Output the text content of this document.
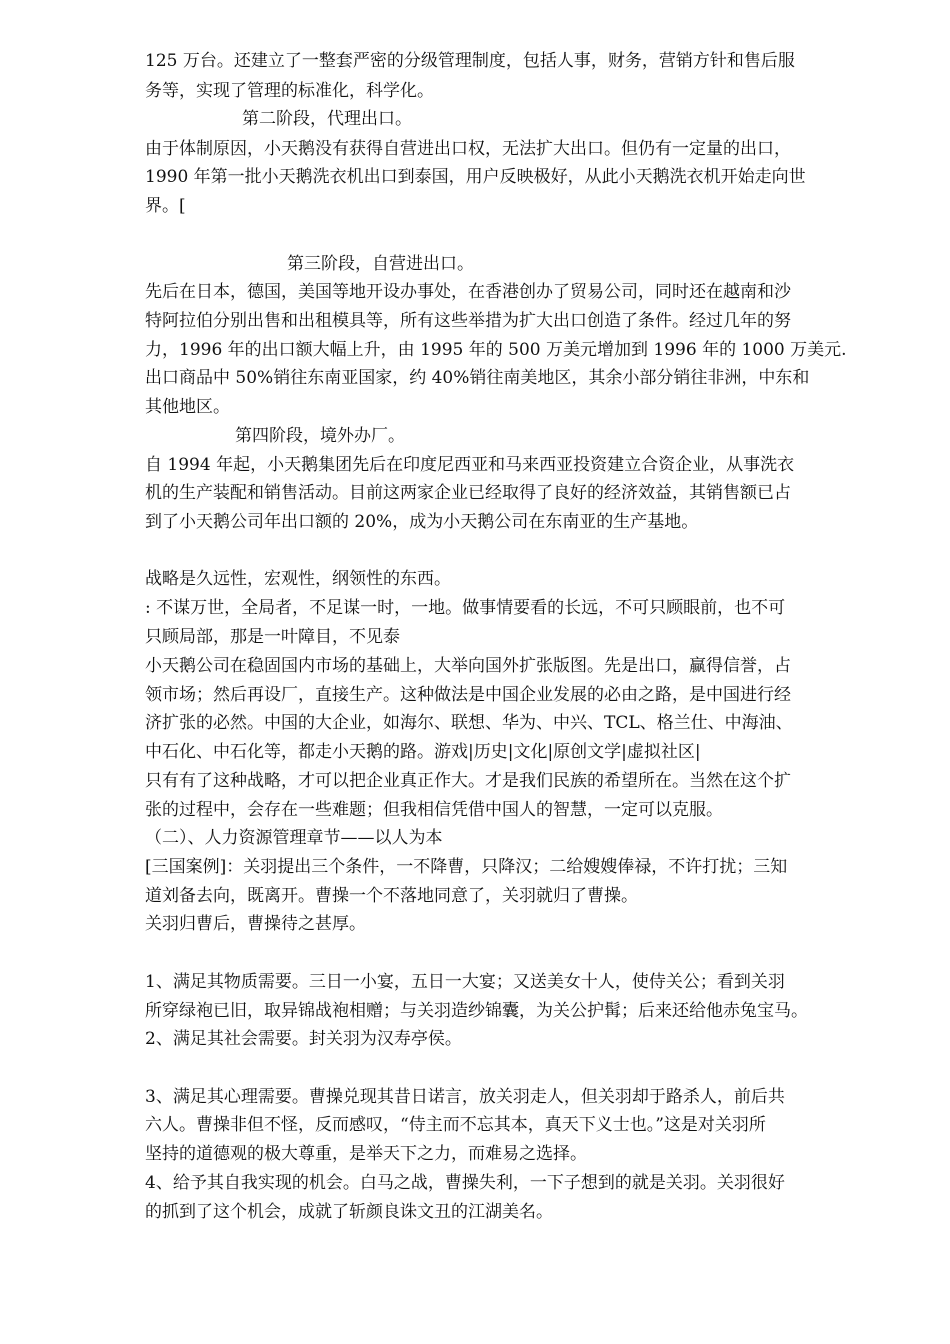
125 万台。还建立了一整套严密的分级管理制度，包括人事，财务，营销方针和售后服
务等，实现了管理的标准化，科学化。
第二阶段，代理出口。
由于体制原因，小天鹅没有获得自营进出口权，无法扩大出口。但仍有一定量的出口，
1990 年第一批小天鹅洗衣机出口到泰国，用户反映极好，从此小天鹅洗衣机开始走向世
界。[
第三阶段，自营进出口。
先后在日本，德国，美国等地开设办事处，在香港创办了贸易公司，同时还在越南和沙
特阿拉伯分别出售和出租模具等，所有这些举措为扩大出口创造了条件。经过几年的努
力，1996 年的出口额大幅上升，由 1995 年的 500 万美元增加到 1996 年的 1000 万美元.
出口商品中 50%销往东南亚国家，约 40%销往南美地区，其余小部分销往非洲，中东和
其他地区。
第四阶段，境外办厂。
自 1994 年起，小天鹅集团先后在印度尼西亚和马来西亚投资建立合资企业，从事洗衣
机的生产装配和销售活动。目前这两家企业已经取得了良好的经济效益，其销售额已占
到了小天鹅公司年出口额的 20%，成为小天鹅公司在东南亚的生产基地。
战略是久远性，宏观性，纲领性的东西。
: 不谋万世，全局者，不足谋一时，一地。做事情要看的长远，不可只顾眼前，也不可
只顾局部，那是一叶障目，不见泰
小天鹅公司在稳固国内市场的基础上，大举向国外扩张版图。先是出口，赢得信誉，占
领市场；然后再设厂，直接生产。这种做法是中国企业发展的必由之路，是中国进行经
济扩张的必然。中国的大企业，如海尔、联想、华为、中兴、TCL、格兰仕、中海油、
中石化、中石化等，都走小天鹅的路。游戏|历史|文化|原创文学|虚拟社区|
只有有了这种战略，才可以把企业真正作大。才是我们民族的希望所在。当然在这个扩
张的过程中，会存在一些难题；但我相信凭借中国人的智慧，一定可以克服。
（二）、人力资源管理章节——以人为本
[三国案例]：关羽提出三个条件，一不降曹，只降汉；二给嫂嫂俸禄，不许打扰；三知
道刘备去向，既离开。曹操一个不落地同意了，关羽就归了曹操。
关羽归曹后，曹操待之甚厚。
1、满足其物质需要。三日一小宴，五日一大宴；又送美女十人，使侍关公；看到关羽
所穿绿袍已旧，取异锦战袍相赠；与关羽造纱锦囊，为关公护髯；后来还给他赤兔宝马。
2、满足其社会需要。封关羽为汉寿亭侯。
3、满足其心理需要。曹操兑现其昔日诺言，放关羽走人，但关羽却于路杀人，前后共
六人。曹操非但不怪，反而感叹，“侍主而不忘其本，真天下义士也。”这是对关羽所
坚持的道德观的极大尊重，是举天下之力，而难易之选择。
4、给予其自我实现的机会。白马之战，曹操失利，一下子想到的就是关羽。关羽很好
的抓到了这个机会，成就了斩颜良诛文丑的江湖美名。
